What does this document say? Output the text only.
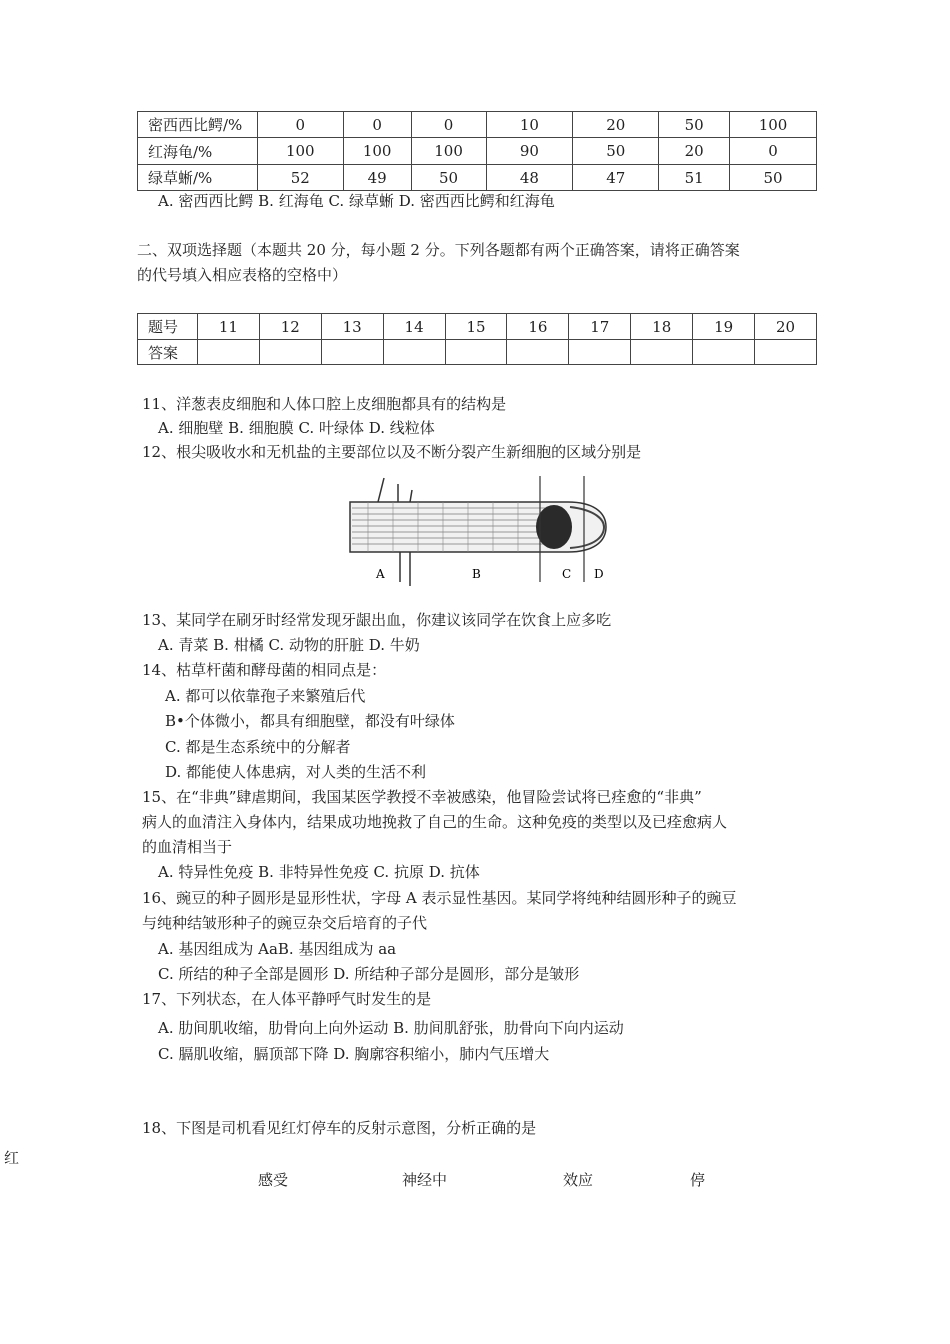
密西西比鳄/%	0	0	0	10	20	50	100
红海龟/%	100	100	100	90	50	20	0
绿草蜥/%	52	49	50	48	47	51	50
A. 密西西比鳄 B. 红海龟 C. 绿草蜥 D. 密西西比鳄和红海龟
二、双项选择题（本题共 20 分，每小题 2 分。下列各题都有两个正确答案，请将正确答案
的代号填入相应表格的空格中）
题号	11	12	13	14	15	16	17	18	19	20
答案										
11、洋葱表皮细胞和人体口腔上皮细胞都具有的结构是
A. 细胞壁 B. 细胞膜 C. 叶绿体 D. 线粒体
12、根尖吸收水和无机盐的主要部位以及不断分裂产生新细胞的区域分别是
A	B	C D
13、某同学在刷牙时经常发现牙龈出血，你建议该同学在饮食上应多吃
A. 青菜 B. 柑橘 C. 动物的肝脏 D. 牛奶
14、枯草杆菌和酵母菌的相同点是：
A. 都可以依靠孢子来繁殖后代
B•个体微小，都具有细胞壁，都没有叶绿体
C. 都是生态系统中的分解者
D. 都能使人体患病，对人类的生活不利
15、在“非典”肆虐期间，我国某医学教授不幸被感染，他冒险尝试将已痊愈的“非典”
病人的血清注入身体内，结果成功地挽救了自己的生命。这种免疫的类型以及已痊愈病人
的血清相当于
A. 特异性免疫 B. 非特异性免疫 C. 抗原 D. 抗体
16、豌豆的种子圆形是显形性状，字母 A 表示显性基因。某同学将纯种结圆形种子的豌豆
与纯种结皱形种子的豌豆杂交后培育的子代
A. 基因组成为 AaB. 基因组成为 aa
C. 所结的种子全部是圆形 D. 所结种子部分是圆形，部分是皱形
17、下列状态，在人体平静呼气时发生的是
A. 肋间肌收缩，肋骨向上向外运动 B. 肋间肌舒张，肋骨向下向内运动
C. 膈肌收缩，膈顶部下降 D. 胸廓容积缩小，肺内气压增大
18、下图是司机看见红灯停车的反射示意图，分析正确的是
红
感受	神经中	效应	停
